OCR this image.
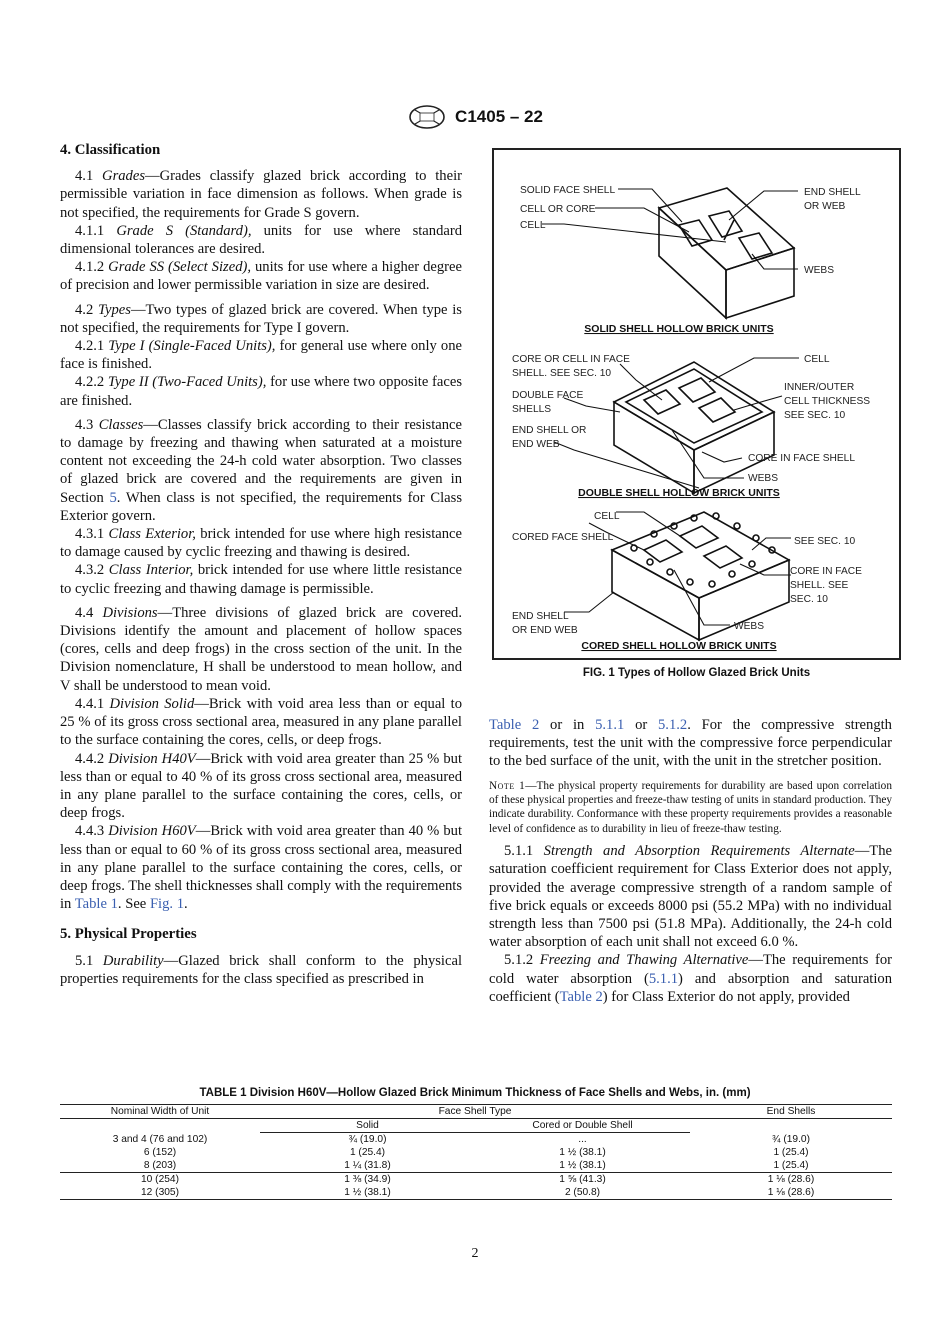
C1405 – 22
4. Classification

4.1 Grades—Grades classify glazed brick according to their permissible variation in face dimension as follows. When grade is not specified, the requirements for Grade S govern.

4.1.1 Grade S (Standard), units for use where standard dimensional tolerances are desired.

4.1.2 Grade SS (Select Sized), units for use where a higher degree of precision and lower permissible variation in size are desired.

4.2 Types—Two types of glazed brick are covered. When type is not specified, the requirements for Type I govern.

4.2.1 Type I (Single-Faced Units), for general use where only one face is finished.

4.2.2 Type II (Two-Faced Units), for use where two opposite faces are finished.

4.3 Classes—Classes classify brick according to their resistance to damage by freezing and thawing when saturated at a moisture content not exceeding the 24-h cold water absorption. Two classes of glazed brick are covered and the requirements are given in Section 5. When class is not specified, the requirements for Class Exterior govern.

4.3.1 Class Exterior, brick intended for use where high resistance to damage caused by cyclic freezing and thawing is desired.

4.3.2 Class Interior, brick intended for use where little resistance to cyclic freezing and thawing damage is permissible.

4.4 Divisions—Three divisions of glazed brick are covered. Divisions identify the amount and placement of hollow spaces (cores, cells and deep frogs) in the cross section of the unit. In the Division nomenclature, H shall be understood to mean hollow, and V shall be understood to mean void.

4.4.1 Division Solid—Brick with void area less than or equal to 25 % of its gross cross sectional area, measured in any plane parallel to the surface containing the cores, cells, or deep frogs.

4.4.2 Division H40V—Brick with void area greater than 25 % but less than or equal to 40 % of its gross cross sectional area, measured in any plane parallel to the surface containing the cores, cells, or deep frogs.

4.4.3 Division H60V—Brick with void area greater than 40 % but less than or equal to 60 % of its gross cross sectional area, measured in any plane parallel to the surface containing the cores, cells, or deep frogs. The shell thicknesses shall comply with the requirements in Table 1. See Fig. 1.

5. Physical Properties

5.1 Durability—Glazed brick shall conform to the physical properties requirements for the class specified as prescribed in

SOLID FACE SHELL
CELL OR CORE
CELL
END SHELL
OR WEB
WEBS
SOLID SHELL HOLLOW BRICK UNITS
CORE OR CELL IN FACE
SHELL. SEE SEC. 10
DOUBLE FACE
SHELLS
END SHELL OR
END WEB
CELL
INNER/OUTER
CELL THICKNESS
SEE SEC. 10
CORE IN FACE SHELL
WEBS
DOUBLE SHELL HOLLOW BRICK UNITS
CELL
CORED FACE SHELL	SEE SEC. 10
CORE IN FACE
SHELL. SEE
SEC. 10
END SHELL
OR END WEB	WEBS
CORED SHELL HOLLOW BRICK UNITS
FIG. 1 Types of Hollow Glazed Brick Units

Table 2 or in 5.1.1 or 5.1.2. For the compressive strength requirements, test the unit with the compressive force perpendicular to the bed surface of the unit, with the unit in the stretcher position.

Note 1—The physical property requirements for durability are based upon correlation of these physical properties and freeze-thaw testing of units in standard production. They indicate durability. Conformance with these property requirements provides a reasonable level of confidence as to durability in lieu of freeze-thaw testing.

5.1.1 Strength and Absorption Requirements Alternate—The saturation coefficient requirement for Class Exterior does not apply, provided the average compressive strength of a random sample of five brick equals or exceeds 8000 psi (55.2 MPa) with no individual strength less than 7500 psi (51.8 MPa). Additionally, the 24-h cold water absorption of each unit shall not exceed 6.0 %.

5.1.2 Freezing and Thawing Alternative—The requirements for cold water absorption (5.1.1) and absorption and saturation coefficient (Table 2) for Class Exterior do not apply, provided

TABLE 1 Division H60V—Hollow Glazed Brick Minimum Thickness of Face Shells and Webs, in. (mm)
Nominal Width of Unit	Face Shell Type		End Shells
	Solid	Cored or Double Shell	
3 and 4 (76 and 102)	¾ (19.0)	...	¾ (19.0)
6 (152)	1 (25.4)	1 ½ (38.1)	1 (25.4)
8 (203)	1 ¼ (31.8)	1 ½ (38.1)	1 (25.4)
10 (254)	1 ⅜ (34.9)	1 ⅝ (41.3)	1 ⅛ (28.6)
12 (305)	1 ½ (38.1)	2 (50.8)	1 ⅛ (28.6)
2
